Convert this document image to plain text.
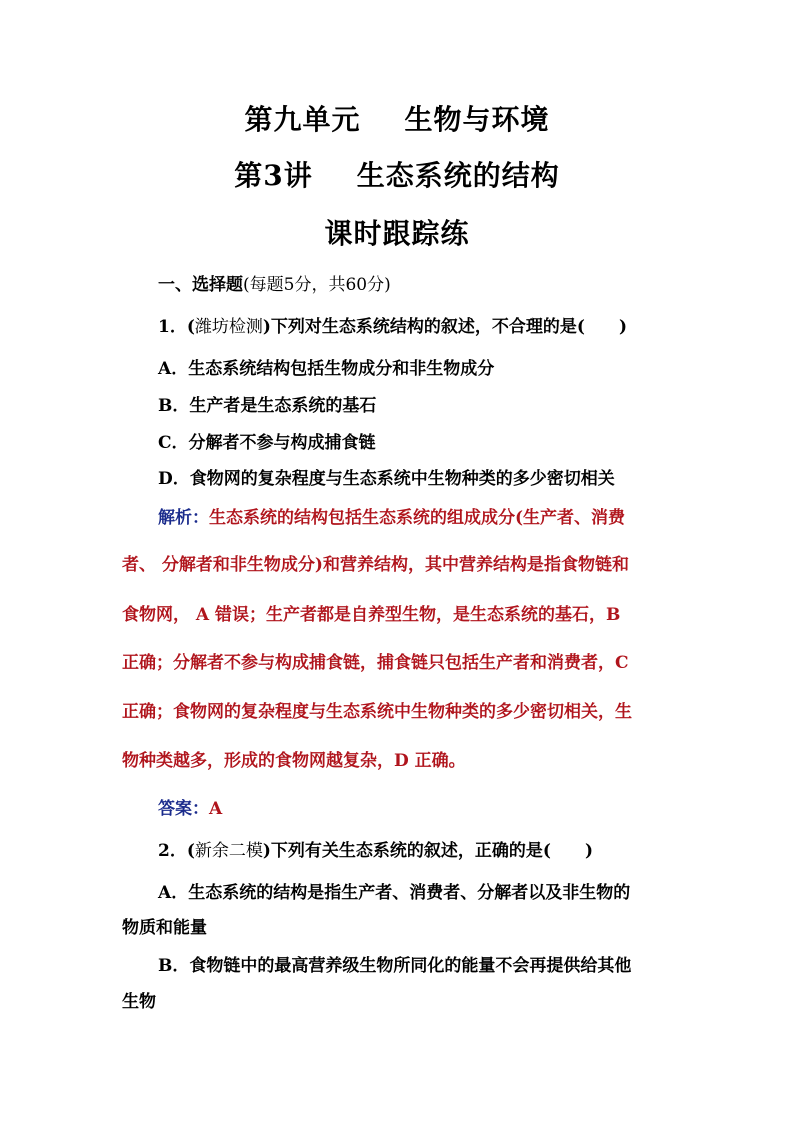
第九单元 生物与环境
第3讲 生态系统的结构
课时跟踪练
一、选择题(每题5分，共60分)
1．(潍坊检测)下列对生态系统结构的叙述，不合理的是(　　)
A．生态系统结构包括生物成分和非生物成分
B．生产者是生态系统的基石
C．分解者不参与构成捕食链
D．食物网的复杂程度与生态系统中生物种类的多少密切相关
解析：生态系统的结构包括生态系统的组成成分(生产者、消费
者、 分解者和非生物成分)和营养结构，其中营养结构是指食物链和
食物网， A 错误；生产者都是自养型生物，是生态系统的基石，B
正确；分解者不参与构成捕食链，捕食链只包括生产者和消费者，C
正确；食物网的复杂程度与生态系统中生物种类的多少密切相关，生
物种类越多，形成的食物网越复杂，D 正确。
答案：A
2．(新余二模)下列有关生态系统的叙述，正确的是(　　)
A．生态系统的结构是指生产者、消费者、分解者以及非生物的
物质和能量
B．食物链中的最高营养级生物所同化的能量不会再提供给其他
生物
